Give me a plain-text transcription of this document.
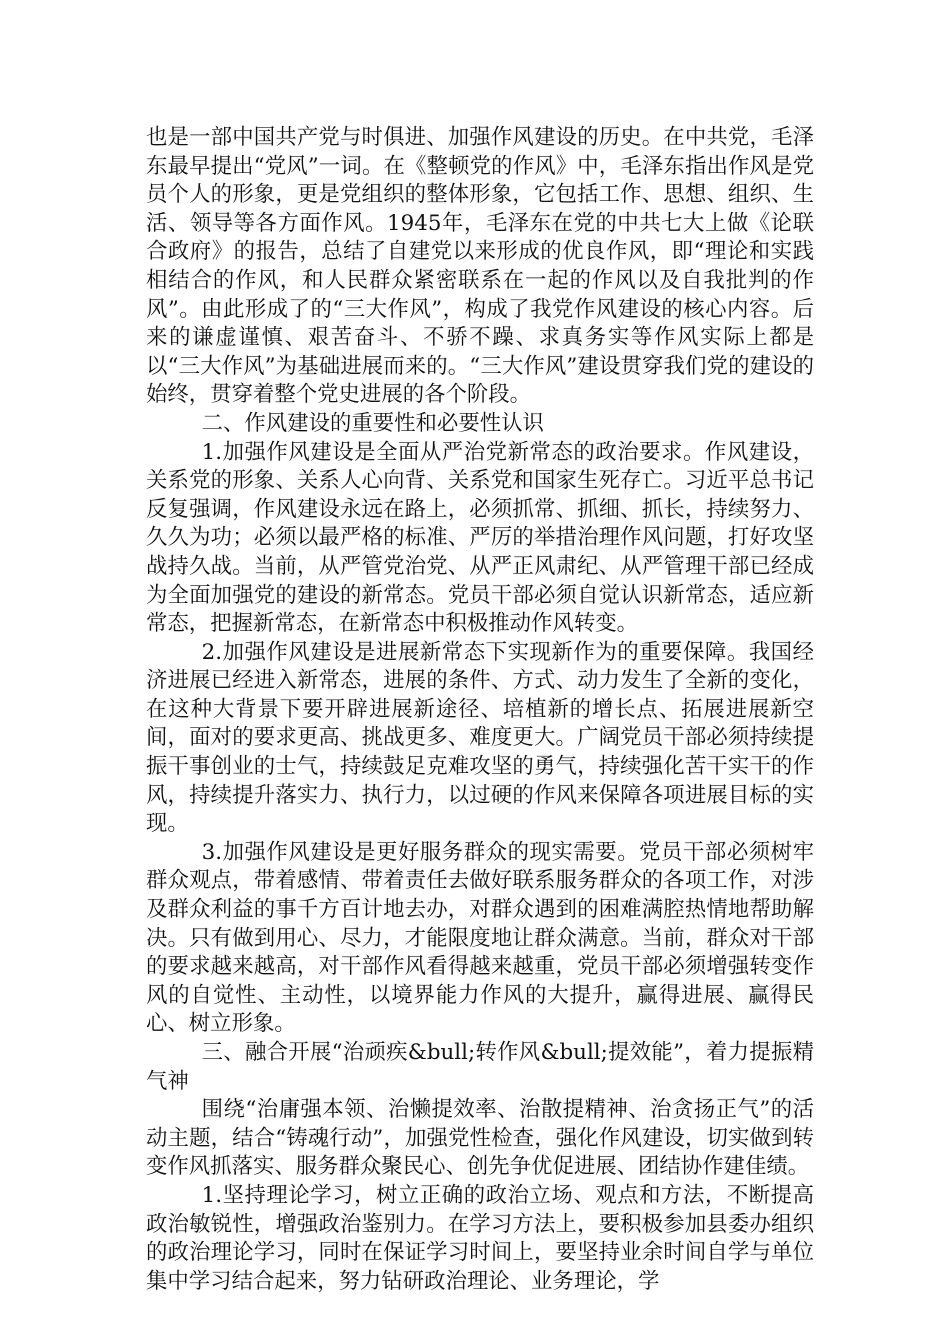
也是一部中国共产党与时俱进、加强作风建设的历史。在中共党，毛泽东最早提出“党风”一词。在《整顿党的作风》中，毛泽东指出作风是党员个人的形象，更是党组织的整体形象，它包括工作、思想、组织、生活、领导等各方面作风。1945年，毛泽东在党的中共七大上做《论联合政府》的报告，总结了自建党以来形成的优良作风，即“理论和实践相结合的作风，和人民群众紧密联系在一起的作风以及自我批判的作风”。由此形成了的“三大作风”，构成了我党作风建设的核心内容。后来的谦虚谨慎、艰苦奋斗、不骄不躁、求真务实等作风实际上都是以“三大作风”为基础进展而来的。“三大作风”建设贯穿我们党的建设的始终，贯穿着整个党史进展的各个阶段。

二、作风建设的重要性和必要性认识

1.加强作风建设是全面从严治党新常态的政治要求。作风建设，关系党的形象、关系人心向背、关系党和国家生死存亡。习近平总书记反复强调，作风建设永远在路上，必须抓常、抓细、抓长，持续努力、久久为功；必须以最严格的标准、严厉的举措治理作风问题，打好攻坚战持久战。当前，从严管党治党、从严正风肃纪、从严管理干部已经成为全面加强党的建设的新常态。党员干部必须自觉认识新常态，适应新常态，把握新常态，在新常态中积极推动作风转变。

2.加强作风建设是进展新常态下实现新作为的重要保障。我国经济进展已经进入新常态，进展的条件、方式、动力发生了全新的变化，在这种大背景下要开辟进展新途径、培植新的增长点、拓展进展新空间，面对的要求更高、挑战更多、难度更大。广阔党员干部必须持续提振干事创业的士气，持续鼓足克难攻坚的勇气，持续强化苦干实干的作风，持续提升落实力、执行力，以过硬的作风来保障各项进展目标的实现。

3.加强作风建设是更好服务群众的现实需要。党员干部必须树牢群众观点，带着感情、带着责任去做好联系服务群众的各项工作，对涉及群众利益的事千方百计地去办，对群众遇到的困难满腔热情地帮助解决。只有做到用心、尽力，才能限度地让群众满意。当前，群众对干部的要求越来越高，对干部作风看得越来越重，党员干部必须增强转变作风的自觉性、主动性，以境界能力作风的大提升，赢得进展、赢得民心、树立形象。

三、融合开展“治顽疾&bull;转作风&bull;提效能”，着力提振精气神

围绕“治庸强本领、治懒提效率、治散提精神、治贪扬正气”的活动主题，结合“铸魂行动”，加强党性检查，强化作风建设，切实做到转变作风抓落实、服务群众聚民心、创先争优促进展、团结协作建佳绩。

1.坚持理论学习，树立正确的政治立场、观点和方法，不断提高政治敏锐性，增强政治鉴别力。在学习方法上，要积极参加县委办组织的政治理论学习，同时在保证学习时间上，要坚持业余时间自学与单位集中学习结合起来，努力钻研政治理论、业务理论，学
